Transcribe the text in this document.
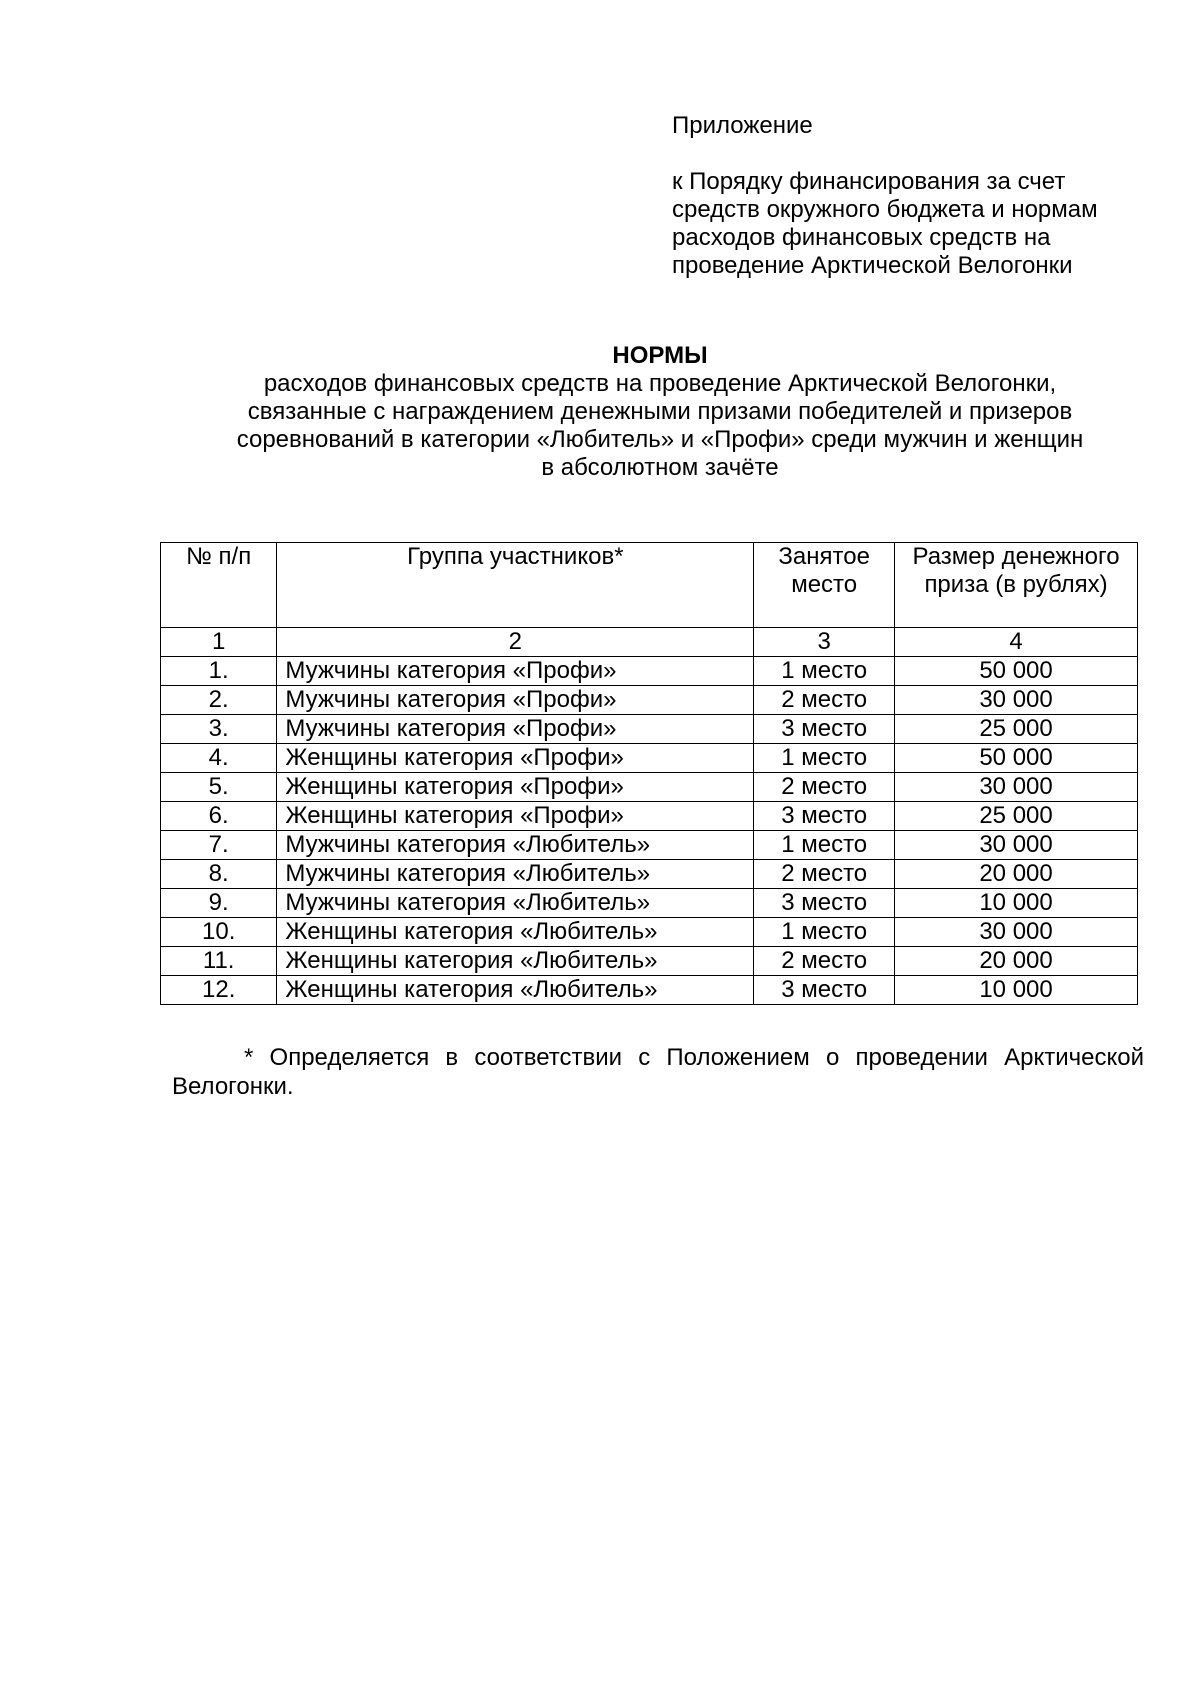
Приложение
к Порядку финансирования за счет
средств окружного бюджета и нормам
расходов финансовых средств на
проведение Арктической Велогонки
НОРМЫ
расходов финансовых средств на проведение Арктической Велогонки,
связанные с награждением денежными призами победителей и призеров
соревнований в категории «Любитель» и «Профи» среди мужчин и женщин
в абсолютном зачёте
№ п/п	Группа участников*	Занятое место	Размер денежного приза (в рублях)
1	2	3	4
1.	Мужчины категория «Профи»	1 место	50 000
2.	Мужчины категория «Профи»	2 место	30 000
3.	Мужчины категория «Профи»	3 место	25 000
4.	Женщины категория «Профи»	1 место	50 000
5.	Женщины категория «Профи»	2 место	30 000
6.	Женщины категория «Профи»	3 место	25 000
7.	Мужчины категория «Любитель»	1 место	30 000
8.	Мужчины категория «Любитель»	2 место	20 000
9.	Мужчины категория «Любитель»	3 место	10 000
10.	Женщины категория «Любитель»	1 место	30 000
11.	Женщины категория «Любитель»	2 место	20 000
12.	Женщины категория «Любитель»	3 место	10 000
* Определяется в соответствии с Положением о проведении Арктической Велогонки.
